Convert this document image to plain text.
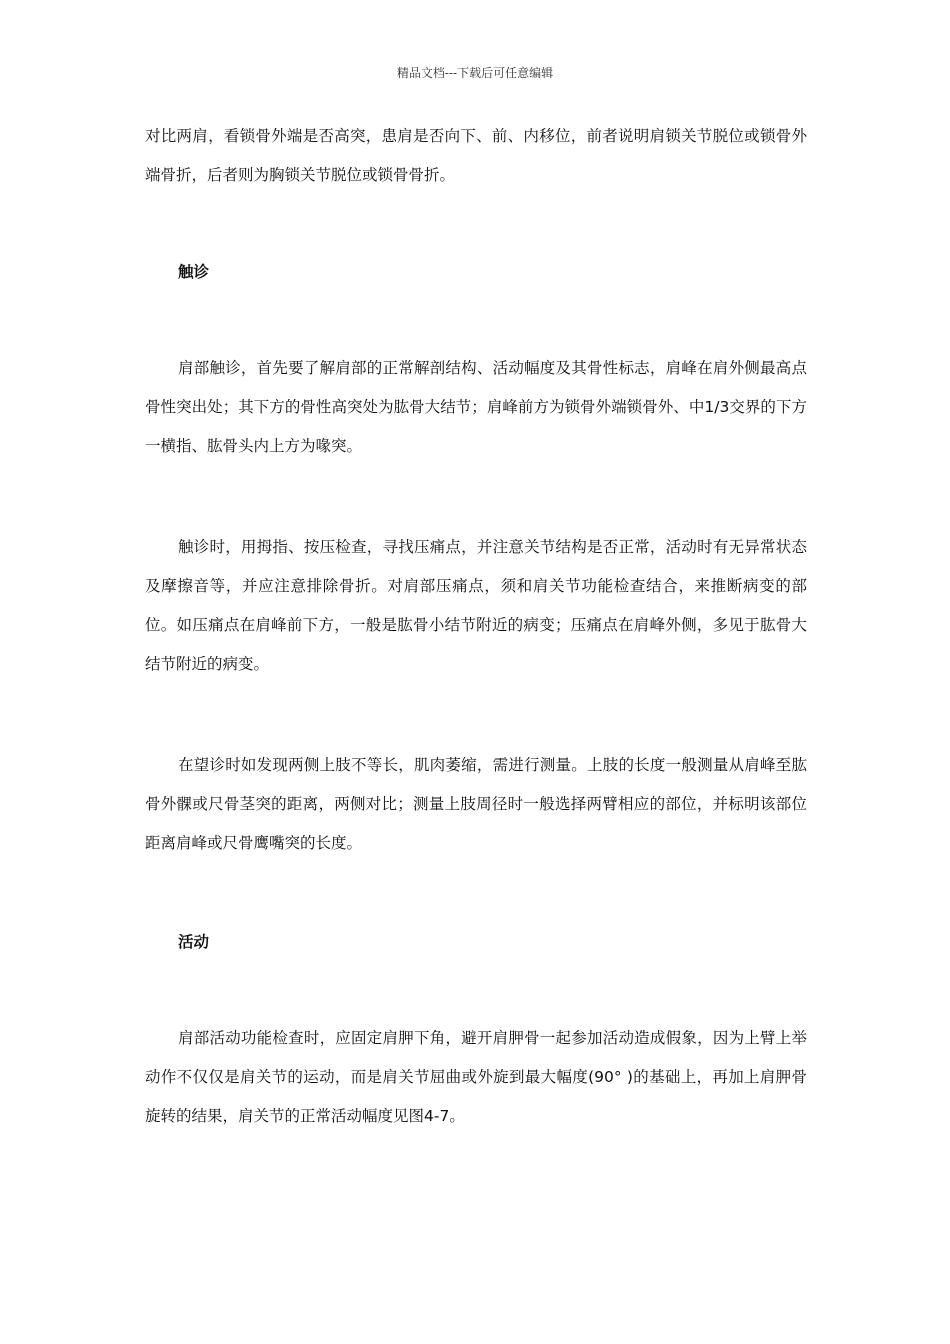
精品文档---下载后可任意编辑

对比两肩，看锁骨外端是否高突，患肩是否向下、前、内移位，前者说明肩锁关节脱位或锁骨外端骨折，后者则为胸锁关节脱位或锁骨骨折。

触诊

肩部触诊，首先要了解肩部的正常解剖结构、活动幅度及其骨性标志，肩峰在肩外侧最高点骨性突出处；其下方的骨性高突处为肱骨大结节；肩峰前方为锁骨外端锁骨外、中1/3交界的下方一横指、肱骨头内上方为喙突。

触诊时，用拇指、按压检查，寻找压痛点，并注意关节结构是否正常，活动时有无异常状态及摩擦音等，并应注意排除骨折。对肩部压痛点，须和肩关节功能检查结合，来推断病变的部位。如压痛点在肩峰前下方，一般是肱骨小结节附近的病变；压痛点在肩峰外侧，多见于肱骨大结节附近的病变。

在望诊时如发现两侧上肢不等长，肌肉萎缩，需进行测量。上肢的长度一般测量从肩峰至肱骨外髁或尺骨茎突的距离，两侧对比；测量上肢周径时一般选择两臂相应的部位，并标明该部位距离肩峰或尺骨鹰嘴突的长度。

活动

肩部活动功能检查时，应固定肩胛下角，避开肩胛骨一起参加活动造成假象，因为上臂上举动作不仅仅是肩关节的运动，而是肩关节屈曲或外旋到最大幅度(90° )的基础上，再加上肩胛骨旋转的结果，肩关节的正常活动幅度见图4-7。
